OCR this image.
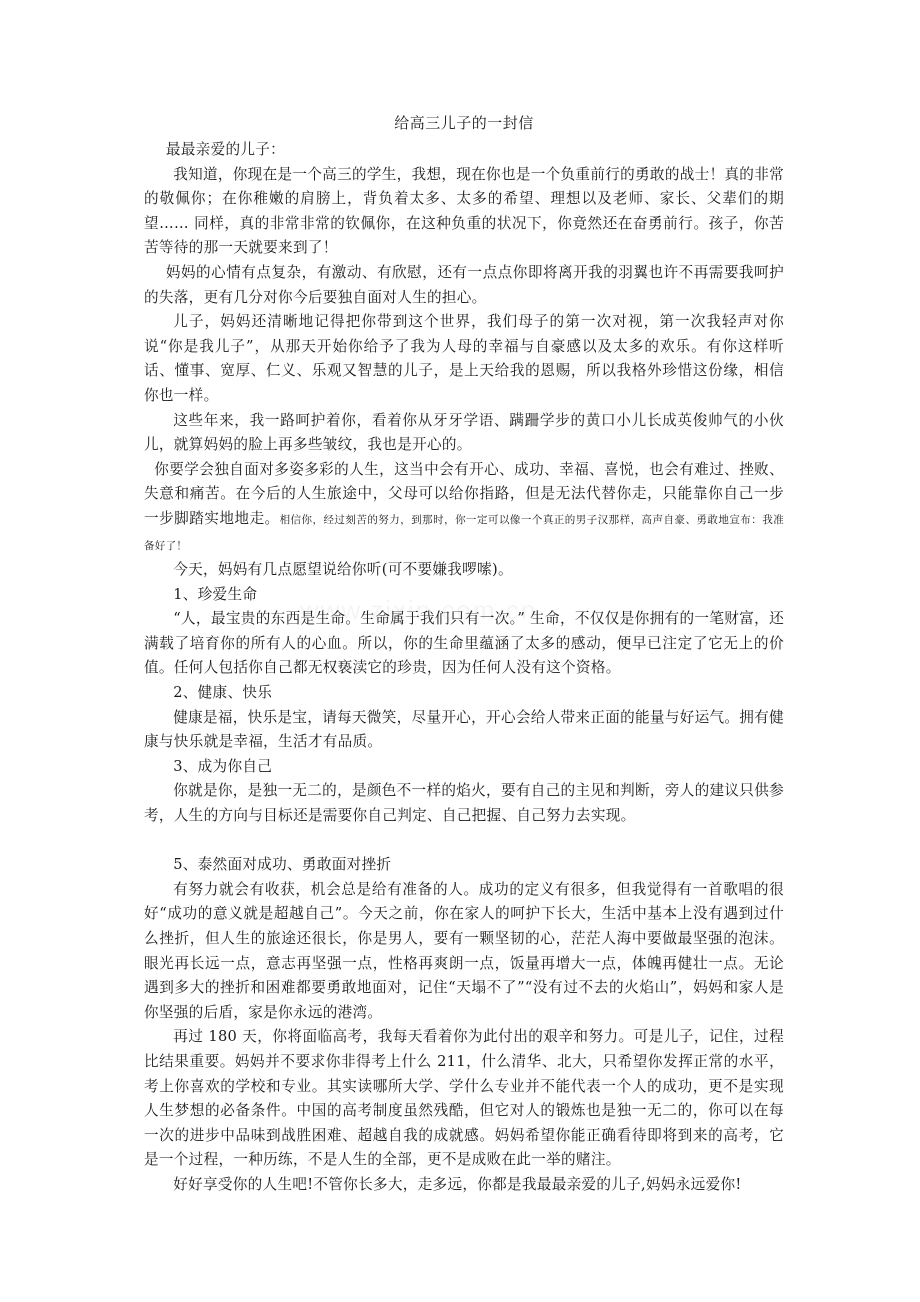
给高三儿子的一封信

最最亲爱的儿子：

我知道，你现在是一个高三的学生，我想，现在你也是一个负重前行的勇敢的战士！真的非常的敬佩你；在你稚嫩的肩膀上，背负着太多、太多的希望、理想以及老师、家长、父辈们的期望…… 同样，真的非常非常的钦佩你，在这种负重的状况下，你竟然还在奋勇前行。孩子，你苦苦等待的那一天就要来到了！

妈妈的心情有点复杂，有激动、有欣慰，还有一点点你即将离开我的羽翼也许不再需要我呵护的失落，更有几分对你今后要独自面对人生的担心。

儿子，妈妈还清晰地记得把你带到这个世界，我们母子的第一次对视，第一次我轻声对你说“你是我儿子”，从那天开始你给予了我为人母的幸福与自豪感以及太多的欢乐。有你这样听话、懂事、宽厚、仁义、乐观又智慧的儿子，是上天给我的恩赐，所以我格外珍惜这份缘，相信你也一样。

这些年来，我一路呵护着你，看着你从牙牙学语、蹒跚学步的黄口小儿长成英俊帅气的小伙儿，就算妈妈的脸上再多些皱纹，我也是开心的。

你要学会独自面对多姿多彩的人生，这当中会有开心、成功、幸福、喜悦，也会有难过、挫败、失意和痛苦。在今后的人生旅途中，父母可以给你指路，但是无法代替你走，只能靠你自己一步一步脚踏实地地走。相信你，经过刻苦的努力，到那时，你一定可以像一个真正的男子汉那样，高声自豪、勇敢地宣布：我准备好了！

今天，妈妈有几点愿望说给你听(可不要嫌我啰嗦)。

1、珍爱生命

“人，最宝贵的东西是生命。生命属于我们只有一次。” 生命，不仅仅是你拥有的一笔财富，还满载了培育你的所有人的心血。所以，你的生命里蕴涵了太多的感动，便早已注定了它无上的价值。任何人包括你自己都无权亵渎它的珍贵，因为任何人没有这个资格。

2、健康、快乐

健康是福，快乐是宝，请每天微笑，尽量开心，开心会给人带来正面的能量与好运气。拥有健康与快乐就是幸福，生活才有品质。

3、成为你自己

你就是你，是独一无二的，是颜色不一样的焰火，要有自己的主见和判断，旁人的建议只供参考，人生的方向与目标还是需要你自己判定、自己把握、自己努力去实现。

5、泰然面对成功、勇敢面对挫折

有努力就会有收获，机会总是给有准备的人。成功的定义有很多，但我觉得有一首歌唱的很好“成功的意义就是超越自己”。今天之前，你在家人的呵护下长大，生活中基本上没有遇到过什么挫折，但人生的旅途还很长，你是男人，要有一颗坚韧的心，茫茫人海中要做最坚强的泡沫。眼光再长远一点，意志再坚强一点，性格再爽朗一点，饭量再增大一点，体魄再健壮一点。无论遇到多大的挫折和困难都要勇敢地面对，记住“天塌不了”“没有过不去的火焰山”，妈妈和家人是你坚强的后盾，家是你永远的港湾。

再过 180 天，你将面临高考，我每天看着你为此付出的艰辛和努力。可是儿子，记住，过程比结果重要。妈妈并不要求你非得考上什么 211，什么清华、北大，只希望你发挥正常的水平，考上你喜欢的学校和专业。其实读哪所大学、学什么专业并不能代表一个人的成功，更不是实现人生梦想的必备条件。中国的高考制度虽然残酷，但它对人的锻炼也是独一无二的，你可以在每一次的进步中品味到战胜困难、超越自我的成就感。妈妈希望你能正确看待即将到来的高考，它是一个过程，一种历练，不是人生的全部，更不是成败在此一举的赌注。

好好享受你的人生吧!不管你长多大，走多远，你都是我最最亲爱的儿子,妈妈永远爱你!
